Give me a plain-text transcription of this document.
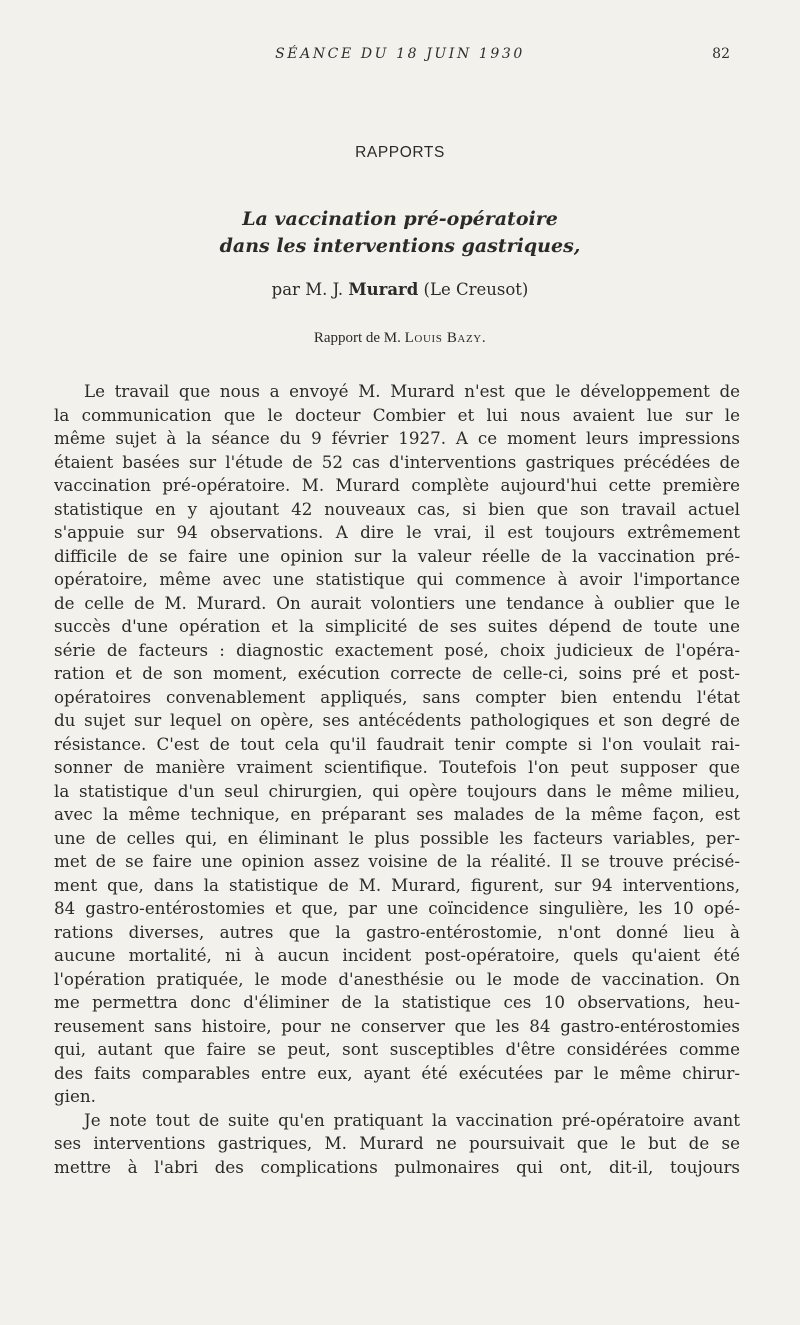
SÉANCE DU 18 JUIN 1930	82
RAPPORTS
La vaccination pré-opératoire
dans les interventions gastriques,
par M. J. Murard (Le Creusot)
Rapport de M. Louis Bazy.
Le travail que nous a envoyé M. Murard n'est que le développement de
la communication que le docteur Combier et lui nous avaient lue sur le
même sujet à la séance du 9 février 1927. A ce moment leurs impressions
étaient basées sur l'étude de 52 cas d'interventions gastriques précédées de
vaccination pré-opératoire. M. Murard complète aujourd'hui cette première
statistique en y ajoutant 42 nouveaux cas, si bien que son travail actuel
s'appuie sur 94 observations. A dire le vrai, il est toujours extrêmement
difficile de se faire une opinion sur la valeur réelle de la vaccination pré-
opératoire, même avec une statistique qui commence à avoir l'importance
de celle de M. Murard. On aurait volontiers une tendance à oublier que le
succès d'une opération et la simplicité de ses suites dépend de toute une
série de facteurs : diagnostic exactement posé, choix judicieux de l'opéra-
ration et de son moment, exécution correcte de celle-ci, soins pré et post-
opératoires convenablement appliqués, sans compter bien entendu l'état
du sujet sur lequel on opère, ses antécédents pathologiques et son degré de
résistance. C'est de tout cela qu'il faudrait tenir compte si l'on voulait rai-
sonner de manière vraiment scientifique. Toutefois l'on peut supposer que
la statistique d'un seul chirurgien, qui opère toujours dans le même milieu,
avec la même technique, en préparant ses malades de la même façon, est
une de celles qui, en éliminant le plus possible les facteurs variables, per-
met de se faire une opinion assez voisine de la réalité. Il se trouve précisé-
ment que, dans la statistique de M. Murard, figurent, sur 94 interventions,
84 gastro-entérostomies et que, par une coïncidence singulière, les 10 opé-
rations diverses, autres que la gastro-entérostomie, n'ont donné lieu à
aucune mortalité, ni à aucun incident post-opératoire, quels qu'aient été
l'opération pratiquée, le mode d'anesthésie ou le mode de vaccination. On
me permettra donc d'éliminer de la statistique ces 10 observations, heu-
reusement sans histoire, pour ne conserver que les 84 gastro-entérostomies
qui, autant que faire se peut, sont susceptibles d'être considérées comme
des faits comparables entre eux, ayant été exécutées par le même chirur-
gien.
Je note tout de suite qu'en pratiquant la vaccination pré-opératoire avant
ses interventions gastriques, M. Murard ne poursuivait que le but de se
mettre à l'abri des complications pulmonaires qui ont, dit-il, toujours
